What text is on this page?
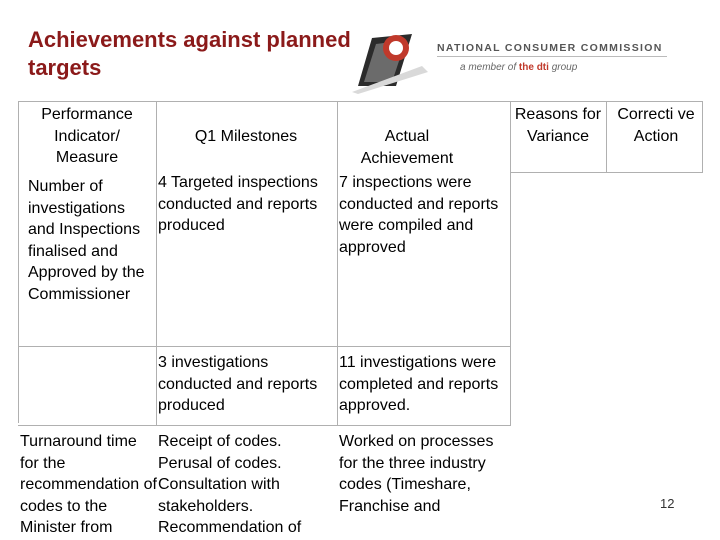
Achievements against planned targets
NATIONAL CONSUMER COMMISSION
a member of the dti group
Performance Indicator/ Measure
Q1 Milestones	Actual Achievement
Reasons for Variance
Correcti ve Action
Number of investigations and Inspections finalised and Approved by the Commissioner
4 Targeted inspections conducted and reports produced
7 inspections were conducted and reports were compiled and approved
3 investigations conducted and reports produced
11 investigations were completed and reports approved.
Turnaround time for the recommendation of codes to the Minister from
Receipt of codes. Perusal of codes. Consultation with stakeholders. Recommendation of
Worked on processes for the three industry codes (Timeshare, Franchise and	12
